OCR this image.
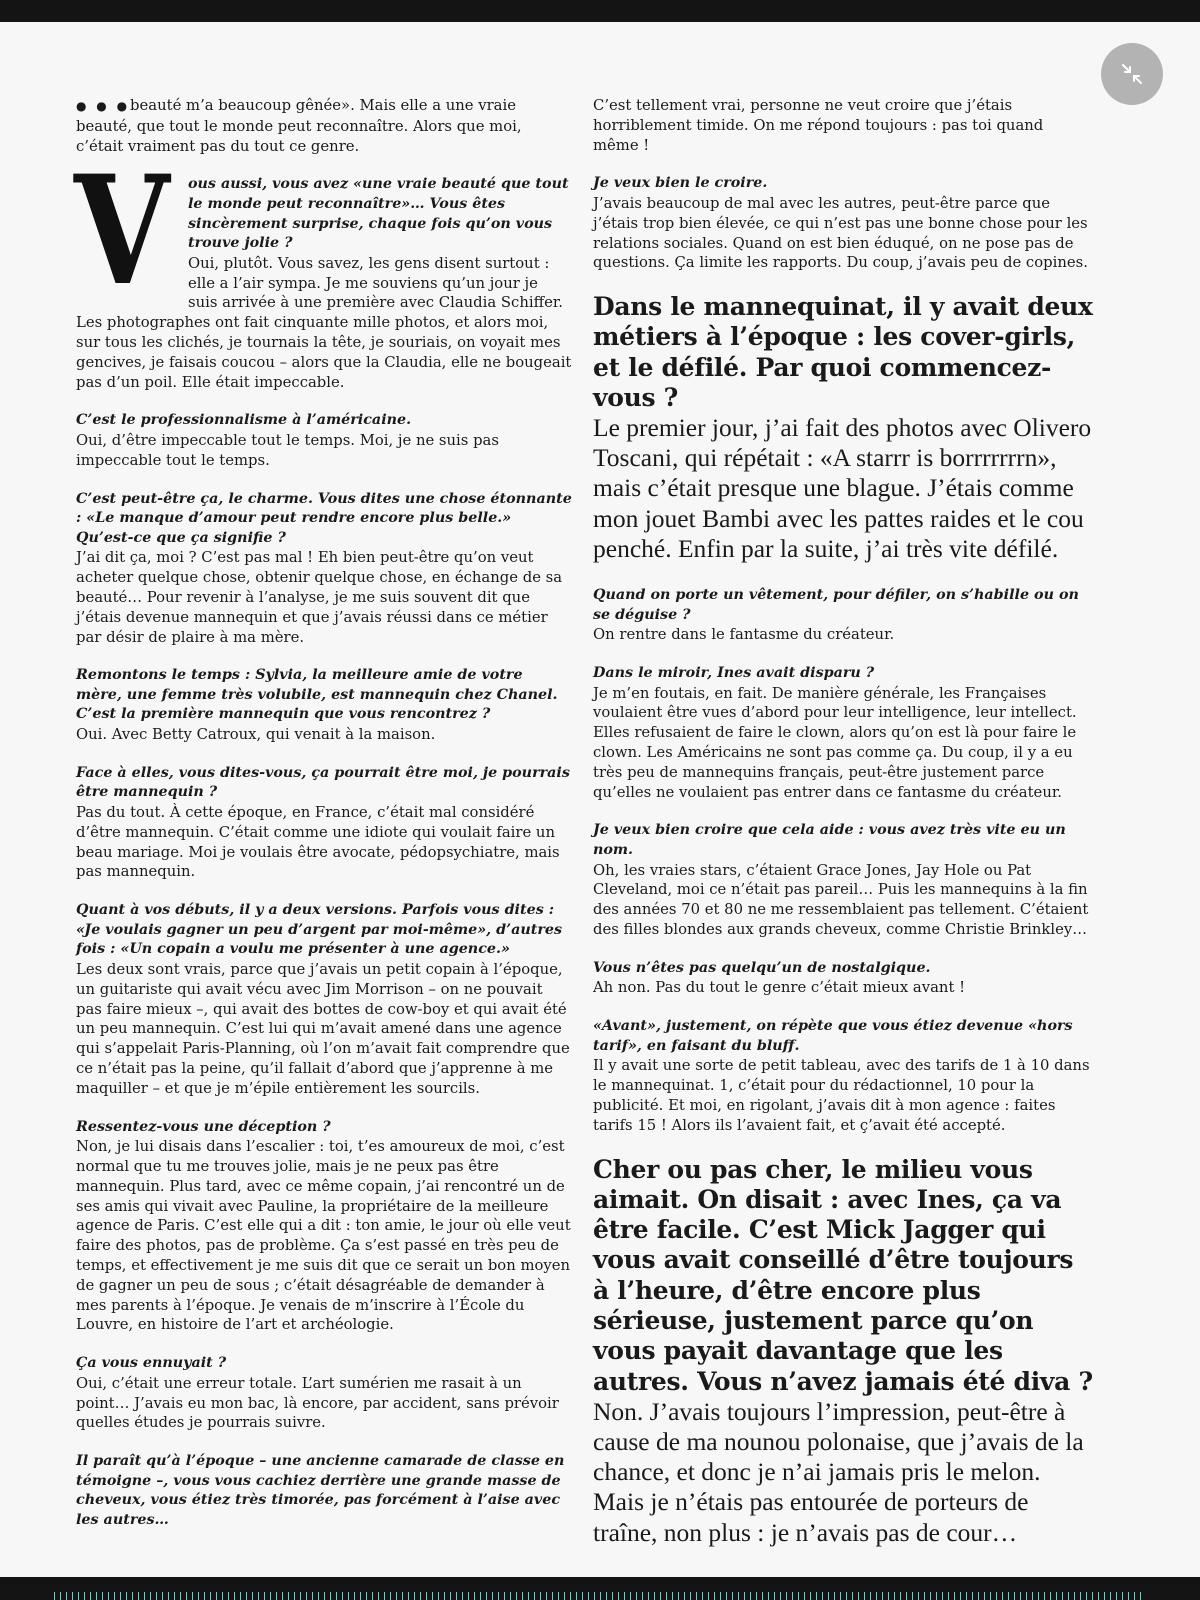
● ● ●beauté m’a beaucoup gênée». Mais elle a une vraie beauté, que tout le monde peut reconnaître. Alors que moi, c’était vraiment pas du tout ce genre.

V	ous aussi, vous avez «une vraie beauté que tout le monde peut reconnaître»… Vous êtes sincèrement surprise, chaque fois qu’on vous trouve jolie ?

Oui, plutôt. Vous savez, les gens disent surtout : elle a l’air sympa. Je me souviens qu’un jour je suis arrivée à une première avec Claudia Schiffer. Les photographes ont fait cinquante mille photos, et alors moi, sur tous les clichés, je tournais la tête, je souriais, on voyait mes gencives, je faisais coucou – alors que la Claudia, elle ne bougeait pas d’un poil. Elle était impeccable.

C’est le professionnalisme à l’américaine.

Oui, d’être impeccable tout le temps. Moi, je ne suis pas impeccable tout le temps.

C’est peut-être ça, le charme. Vous dites une chose étonnante : «Le manque d’amour peut rendre encore plus belle.» Qu’est-ce que ça signifie ?

J’ai dit ça, moi ? C’est pas mal ! Eh bien peut-être qu’on veut acheter quelque chose, obtenir quelque chose, en échange de sa beauté… Pour revenir à l’analyse, je me suis souvent dit que j’étais devenue mannequin et que j’avais réussi dans ce métier par désir de plaire à ma mère.

Remontons le temps : Sylvia, la meilleure amie de votre mère, une femme très volubile, est mannequin chez Chanel. C’est la première mannequin que vous rencontrez ?

Oui. Avec Betty Catroux, qui venait à la maison.

Face à elles, vous dites-vous, ça pourrait être moi, je pourrais être mannequin ?

Pas du tout. À cette époque, en France, c’était mal considéré d’être mannequin. C’était comme une idiote qui voulait faire un beau mariage. Moi je voulais être avocate, pédopsychiatre, mais pas mannequin.

Quant à vos débuts, il y a deux versions. Parfois vous dites : «Je voulais gagner un peu d’argent par moi-même», d’autres fois : «Un copain a voulu me présenter à une agence.»

Les deux sont vrais, parce que j’avais un petit copain à l’époque, un guitariste qui avait vécu avec Jim Morrison – on ne pouvait pas faire mieux –, qui avait des bottes de cow-boy et qui avait été un peu mannequin. C’est lui qui m’avait amené dans une agence qui s’appelait Paris-Planning, où l’on m’avait fait comprendre que ce n’était pas la peine, qu’il fallait d’abord que j’apprenne à me maquiller – et que je m’épile entièrement les sourcils.

Ressentez-vous une déception ?

Non, je lui disais dans l’escalier : toi, t’es amoureux de moi, c’est normal que tu me trouves jolie, mais je ne peux pas être mannequin. Plus tard, avec ce même copain, j’ai rencontré un de ses amis qui vivait avec Pauline, la propriétaire de la meilleure agence de Paris. C’est elle qui a dit : ton amie, le jour où elle veut faire des photos, pas de problème. Ça s’est passé en très peu de temps, et effectivement je me suis dit que ce serait un bon moyen de gagner un peu de sous ; c’était désagréable de demander à mes parents à l’époque. Je venais de m’inscrire à l’École du Louvre, en histoire de l’art et archéologie.

Ça vous ennuyait ?

Oui, c’était une erreur totale. L’art sumérien me rasait à un point… J’avais eu mon bac, là encore, par accident, sans prévoir quelles études je pourrais suivre.

Il paraît qu’à l’époque – une ancienne camarade de classe en témoigne –, vous vous cachiez derrière une grande masse de cheveux, vous étiez très timorée, pas forcément à l’aise avec les autres…

C’est tellement vrai, personne ne veut croire que j’étais horriblement timide. On me répond toujours : pas toi quand même !

Je veux bien le croire.

J’avais beaucoup de mal avec les autres, peut-être parce que j’étais trop bien élevée, ce qui n’est pas une bonne chose pour les relations sociales. Quand on est bien éduqué, on ne pose pas de questions. Ça limite les rapports. Du coup, j’avais peu de copines.

Dans le mannequinat, il y avait deux métiers à l’époque : les cover-girls, et le défilé. Par quoi commencez-vous ?

Le premier jour, j’ai fait des photos avec Olivero Toscani, qui répétait : «A starrr is borrrrrrrn», mais c’était presque une blague. J’étais comme mon jouet Bambi avec les pattes raides et le cou penché. Enfin par la suite, j’ai très vite défilé.

Quand on porte un vêtement, pour défiler, on s’habille ou on se déguise ?

On rentre dans le fantasme du créateur.

Dans le miroir, Ines avait disparu ?

Je m’en foutais, en fait. De manière générale, les Françaises voulaient être vues d’abord pour leur intelligence, leur intellect. Elles refusaient de faire le clown, alors qu’on est là pour faire le clown. Les Américains ne sont pas comme ça. Du coup, il y a eu très peu de mannequins français, peut-être justement parce qu’elles ne voulaient pas entrer dans ce fantasme du créateur.

Je veux bien croire que cela aide : vous avez très vite eu un nom.

Oh, les vraies stars, c’étaient Grace Jones, Jay Hole ou Pat Cleveland, moi ce n’était pas pareil… Puis les mannequins à la fin des années 70 et 80 ne me ressemblaient pas tellement. C’étaient des filles blondes aux grands cheveux, comme Christie Brinkley…

Vous n’êtes pas quelqu’un de nostalgique.

Ah non. Pas du tout le genre c’était mieux avant !

«Avant», justement, on répète que vous étiez devenue «hors tarif», en faisant du bluff.

Il y avait une sorte de petit tableau, avec des tarifs de 1 à 10 dans le mannequinat. 1, c’était pour du rédactionnel, 10 pour la publicité. Et moi, en rigolant, j’avais dit à mon agence : faites tarifs 15 ! Alors ils l’avaient fait, et ç’avait été accepté.

Cher ou pas cher, le milieu vous aimait. On disait : avec Ines, ça va être facile. C’est Mick Jagger qui vous avait conseillé d’être toujours à l’heure, d’être encore plus sérieuse, justement parce qu’on vous payait davantage que les autres. Vous n’avez jamais été diva ?

Non. J’avais toujours l’impression, peut-être à cause de ma nounou polonaise, que j’avais de la chance, et donc je n’ai jamais pris le melon. Mais je n’étais pas entourée de porteurs de traîne, non plus : je n’avais pas de cour…
